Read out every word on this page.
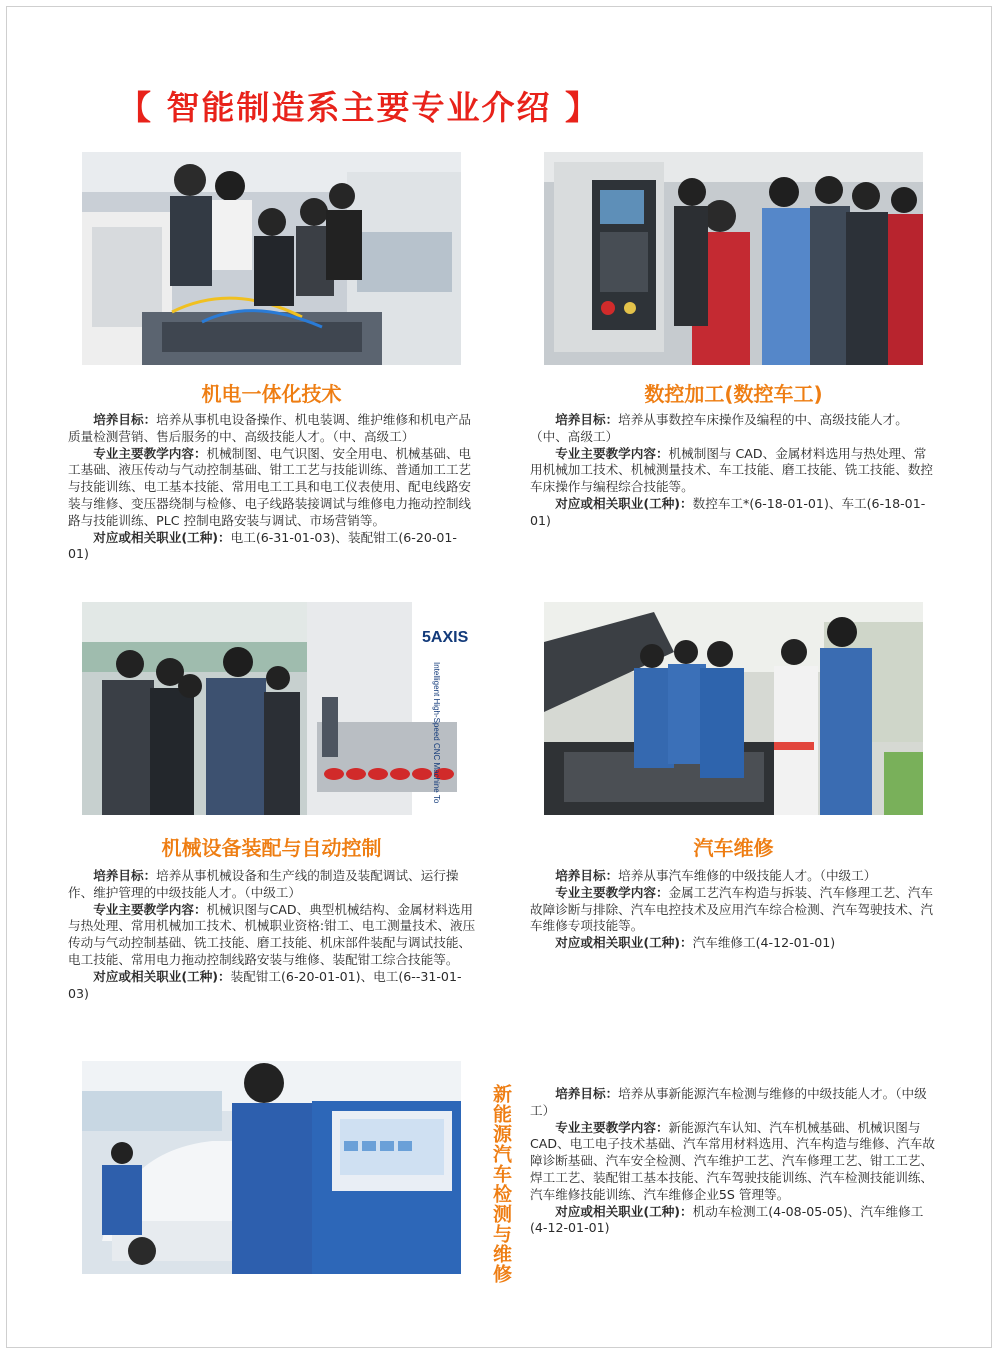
【 智能制造系主要专业介绍 】
5AXIS
Intelligent High-Speed CNC Machine To
机电一体化技术

培养目标：培养从事机电设备操作、机电装调、维护维修和机电产品质量检测营销、售后服务的中、高级技能人才。（中、高级工）

专业主要教学内容：机械制图、电气识图、安全用电、机械基础、电工基础、液压传动与气动控制基础、钳工工艺与技能训练、普通加工工艺与技能训练、电工基本技能、常用电工工具和电工仪表使用、配电线路安装与维修、变压器绕制与检修、电子线路装接调试与维修电力拖动控制线路与技能训练、PLC 控制电路安装与调试、市场营销等。

对应或相关职业(工种)：电工(6-31-01-03)、装配钳工(6-20-01-01)

数控加工(数控车工)

培养目标：培养从事数控车床操作及编程的中、高级技能人才。（中、高级工）

专业主要教学内容：机械制图与 CAD、金属材料选用与热处理、常用机械加工技术、机械测量技术、车工技能、磨工技能、铣工技能、数控车床操作与编程综合技能等。

对应或相关职业(工种)：数控车工*(6-18-01-01)、车工(6-18-01-01)

机械设备装配与自动控制

培养目标：培养从事机械设备和生产线的制造及装配调试、运行操作、维护管理的中级技能人才。（中级工）

专业主要教学内容：机械识图与CAD、典型机械结构、金属材料选用与热处理、常用机械加工技术、机械职业资格:钳工、电工测量技术、液压传动与气动控制基础、铣工技能、磨工技能、机床部件装配与调试技能、电工技能、常用电力拖动控制线路安装与维修、装配钳工综合技能等。

对应或相关职业(工种)：装配钳工(6-20-01-01)、电工(6--31-01-03)

汽车维修

培养目标：培养从事汽车维修的中级技能人才。（中级工）

专业主要教学内容：金属工艺汽车构造与拆装、汽车修理工艺、汽车故障诊断与排除、汽车电控技术及应用汽车综合检测、汽车驾驶技术、汽车维修专项技能等。

对应或相关职业(工种)：汽车维修工(4-12-01-01)

新能源汽车检测与维修	培养目标：培养从事新能源汽车检测与维修的中级技能人才。（中级工）

专业主要教学内容：新能源汽车认知、汽车机械基础、机械识图与CAD、电工电子技术基础、汽车常用材料选用、汽车构造与维修、汽车故障诊断基础、汽车安全检测、汽车维护工艺、汽车修理工艺、钳工工艺、焊工工艺、装配钳工基本技能、汽车驾驶技能训练、汽车检测技能训练、汽车维修技能训练、汽车维修企业5S 管理等。

对应或相关职业(工种)：机动车检测工(4-08-05-05)、汽车维修工(4-12-01-01)
